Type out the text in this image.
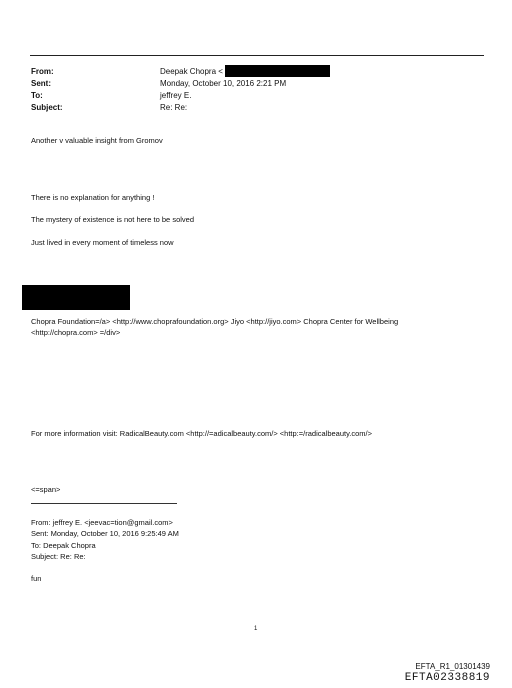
From:	Deepak Chopra <
Sent:	Monday, October 10, 2016 2:21 PM
To:	jeffrey E.
Subject:	Re: Re:
Another v valuable insight from Gromov
There is no explanation for anything !
The mystery of existence is not here to be solved
Just lived in every moment of timeless now
Chopra Foundation=/a> <http://www.choprafoundation.org> Jiyo <http://jiyo.com> Chopra Center for Wellbeing
<http://chopra.com> =/div>
For more information visit: RadicalBeauty.com <http://=adicalbeauty.com/> <http:=/radicalbeauty.com/>
<=span>
From: jeffrey E. <jeevac=tion@gmail.com>
Sent: Monday, October 10, 2016 9:25:49 AM
To: Deepak Chopra
Subject: Re: Re:
fun
1
EFTA_R1_01301439
EFTA02338819
